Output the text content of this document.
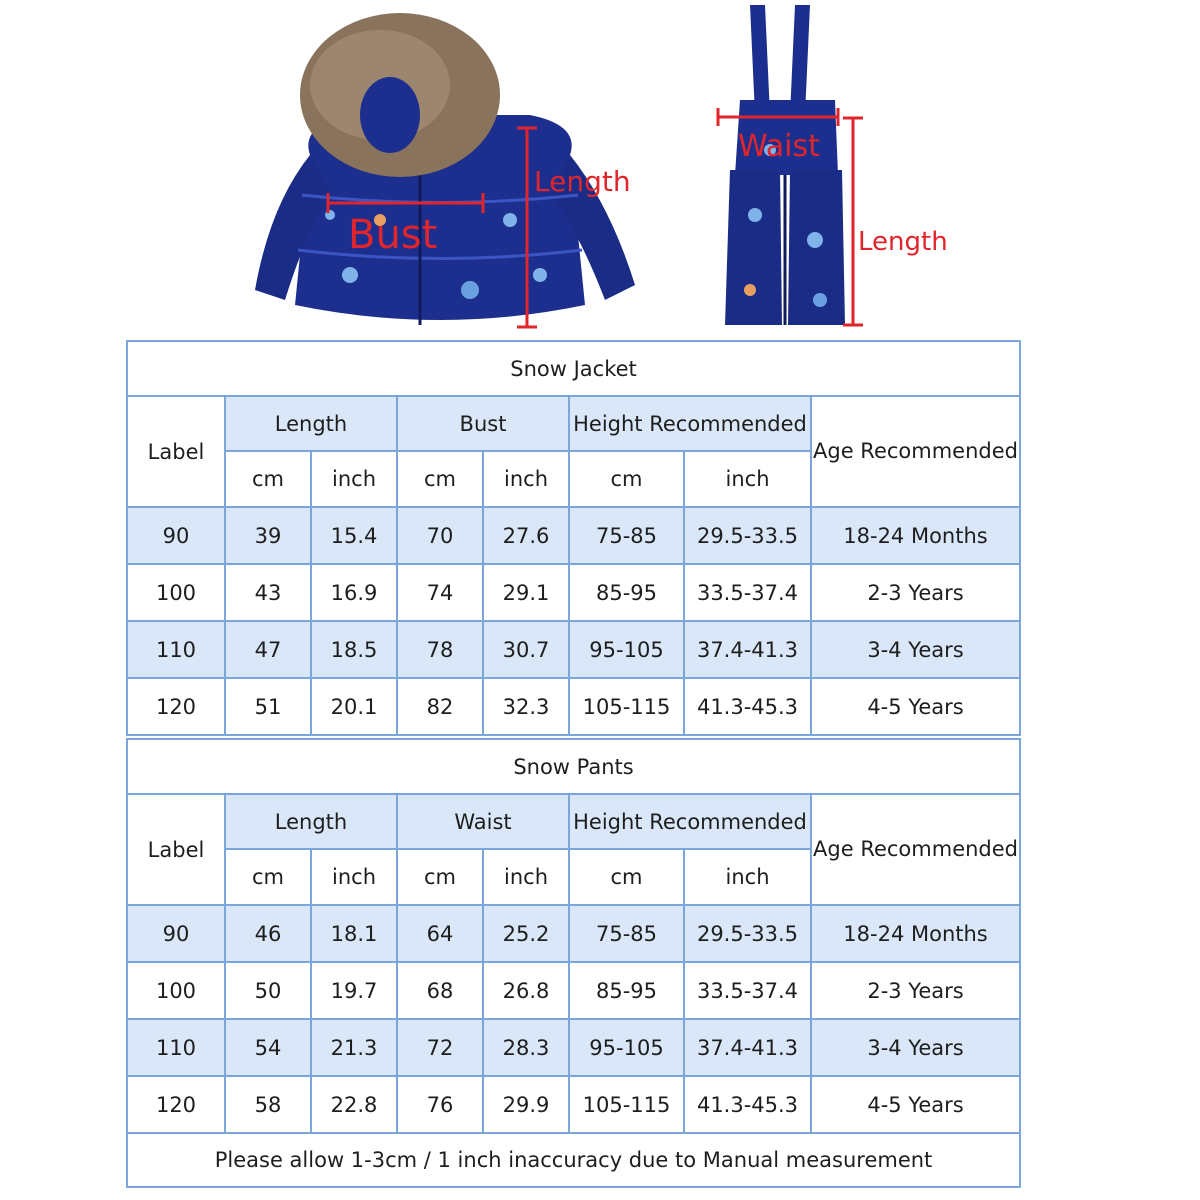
Bust
Length
Waist
Length
Snow Jacket							
Label	Length		Bust		Height Recommended		Age Recommended
	cm	inch	cm	inch	cm	inch	
90	39	15.4	70	27.6	75-85	29.5-33.5	18-24 Months
100	43	16.9	74	29.1	85-95	33.5-37.4	2-3 Years
110	47	18.5	78	30.7	95-105	37.4-41.3	3-4 Years
120	51	20.1	82	32.3	105-115	41.3-45.3	4-5 Years
Snow Pants							
Label	Length		Waist		Height Recommended		Age Recommended
	cm	inch	cm	inch	cm	inch	
90	46	18.1	64	25.2	75-85	29.5-33.5	18-24 Months
100	50	19.7	68	26.8	85-95	33.5-37.4	2-3 Years
110	54	21.3	72	28.3	95-105	37.4-41.3	3-4 Years
120	58	22.8	76	29.9	105-115	41.3-45.3	4-5 Years
Please allow 1-3cm / 1 inch inaccuracy due to Manual measurement							
